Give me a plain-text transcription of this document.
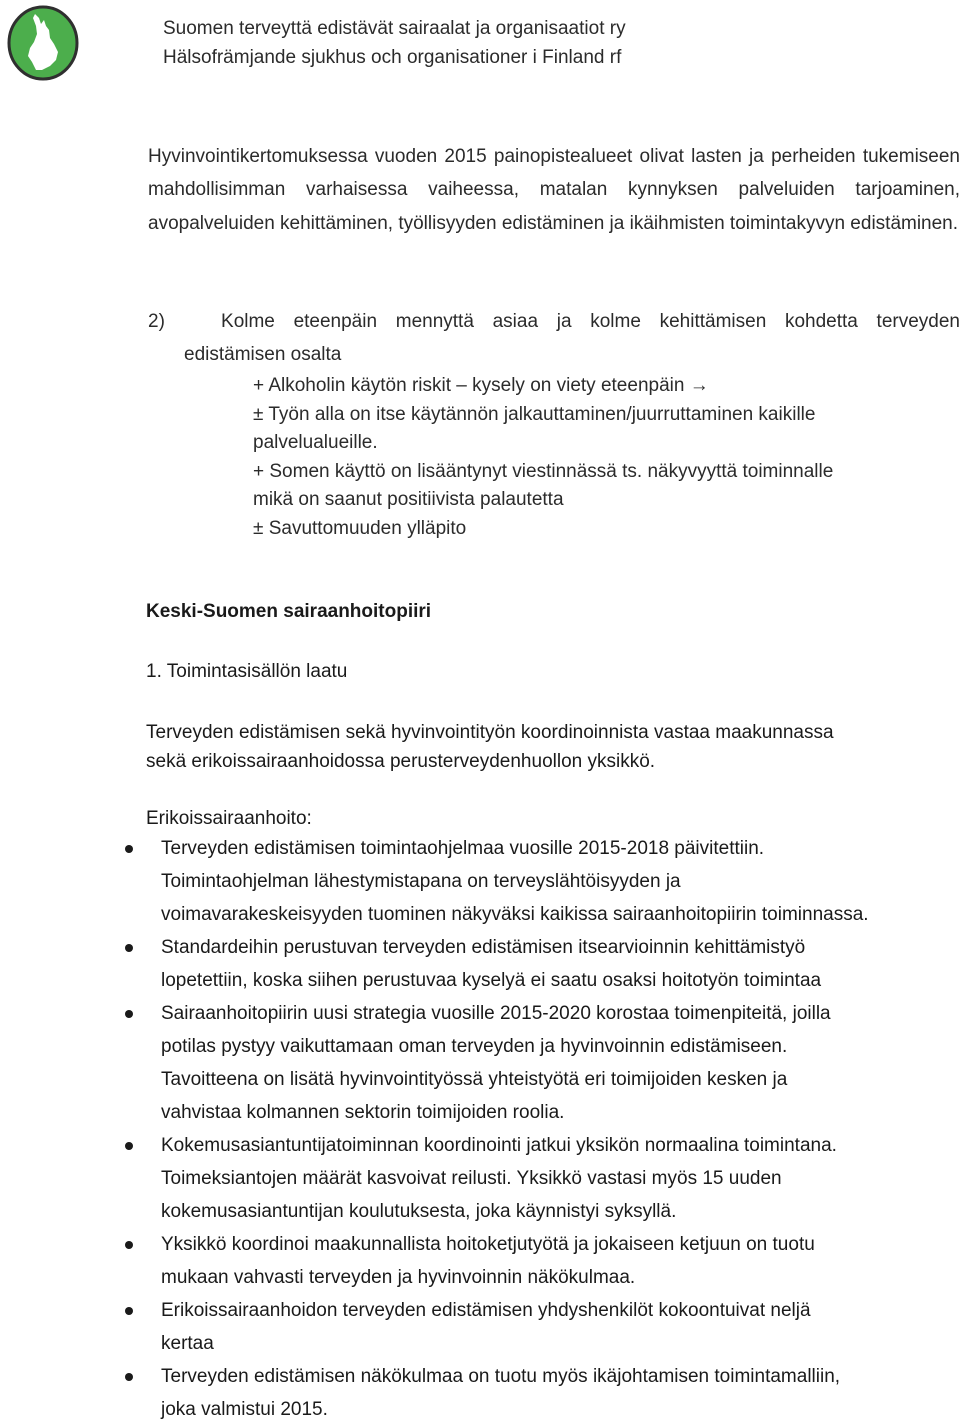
Suomen terveyttä edistävät sairaalat ja organisaatiot ry
Hälsofrämjande sjukhus och organisationer i Finland rf
Hyvinvointikertomuksessa vuoden 2015 painopistealueet olivat lasten ja perheiden tukemiseen mahdollisimman varhaisessa vaiheessa, matalan kynnyksen palveluiden tarjoaminen, avopalveluiden kehittäminen, työllisyyden edistäminen ja ikäihmisten toimintakyvyn edistäminen.
2)	Kolme eteenpäin mennyttä asiaa ja kolme kehittämisen kohdetta terveyden
edistämisen osalta
+ Alkoholin käytön riskit – kysely on viety eteenpäin →
± Työn alla on itse käytännön jalkauttaminen/juurruttaminen kaikille
palvelualueille.
+ Somen käyttö on lisääntynyt viestinnässä ts. näkyvyyttä toiminnalle
mikä on saanut positiivista palautetta
± Savuttomuuden ylläpito
Keski-Suomen sairaanhoitopiiri
1. Toimintasisällön laatu
Terveyden edistämisen sekä hyvinvointityön koordinoinnista vastaa maakunnassa
sekä erikoissairaanhoidossa perusterveydenhuollon yksikkö.
Erikoissairaanhoito:
Terveyden edistämisen toimintaohjelmaa vuosille 2015-2018 päivitettiin.
Toimintaohjelman lähestymistapana on terveyslähtöisyyden ja
voimavarakeskeisyyden tuominen näkyväksi kaikissa sairaanhoitopiirin toiminnassa.
Standardeihin perustuvan terveyden edistämisen itsearvioinnin kehittämistyö
lopetettiin, koska siihen perustuvaa kyselyä ei saatu osaksi hoitotyön toimintaa
Sairaanhoitopiirin uusi strategia vuosille 2015-2020 korostaa toimenpiteitä, joilla
potilas pystyy vaikuttamaan oman terveyden ja hyvinvoinnin edistämiseen.
Tavoitteena on lisätä hyvinvointityössä yhteistyötä eri toimijoiden kesken ja
vahvistaa kolmannen sektorin toimijoiden roolia.
Kokemusasiantuntijatoiminnan koordinointi jatkui yksikön normaalina toimintana.
Toimeksiantojen määrät kasvoivat reilusti. Yksikkö vastasi myös 15 uuden
kokemusasiantuntijan koulutuksesta, joka käynnistyi syksyllä.
Yksikkö koordinoi maakunnallista hoitoketjutyötä ja jokaiseen ketjuun on tuotu
mukaan vahvasti terveyden ja hyvinvoinnin näkökulmaa.
Erikoissairaanhoidon terveyden edistämisen yhdyshenkilöt kokoontuivat neljä
kertaa
Terveyden edistämisen näkökulmaa on tuotu myös ikäjohtamisen toimintamalliin,
joka valmistui 2015.
